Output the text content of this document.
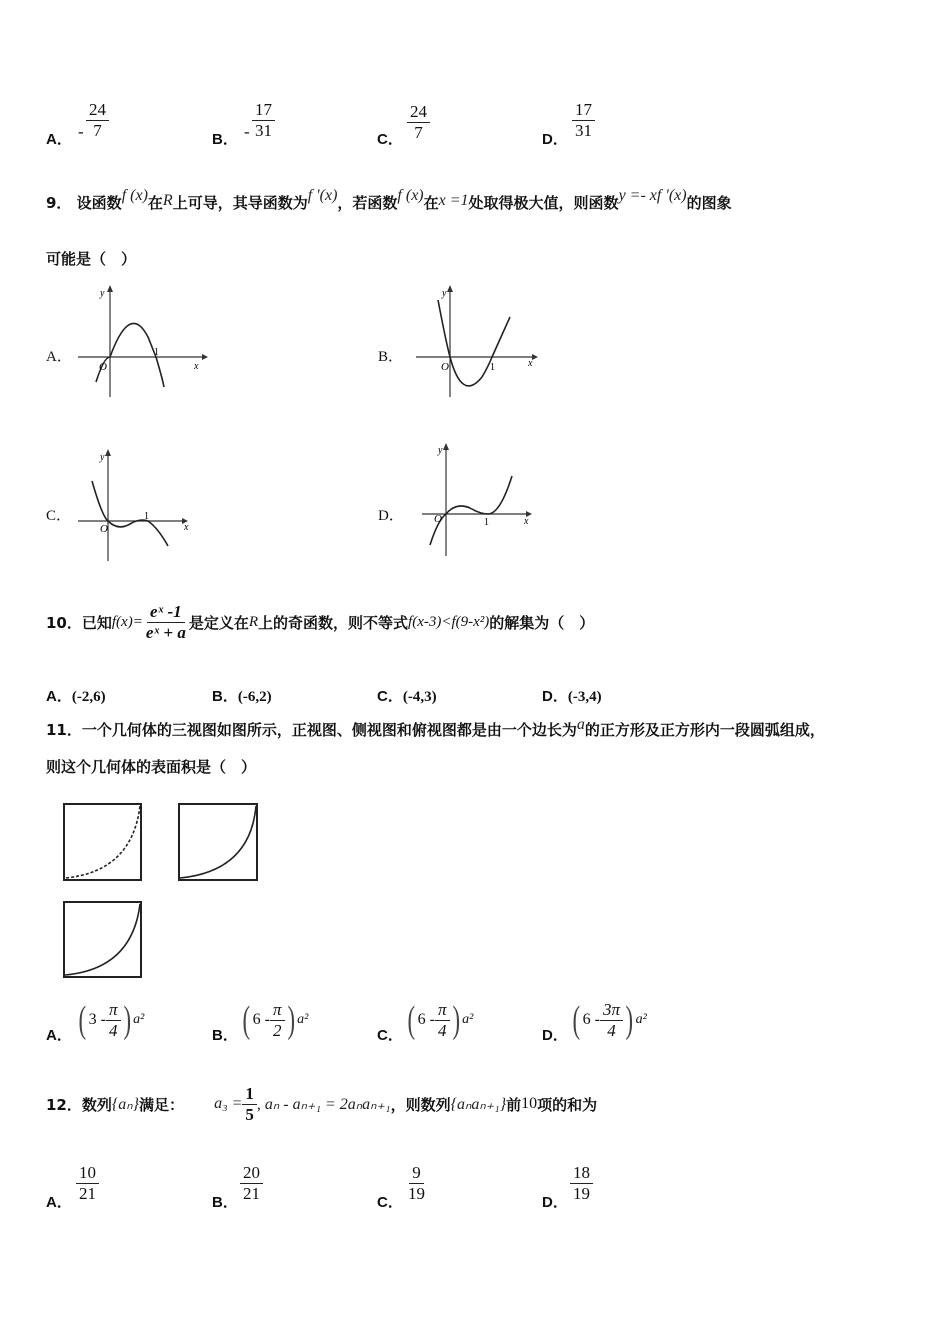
A． - $\frac{24}{7}$	B． - $\frac{17}{31}$	C． $\frac{24}{7}$	D． $\frac{17}{31}$
9． 设函数f (x)在R上可导，其导函数为f ′(x)，若函数f (x)在x =1处取得极大值，则函数y =- xf ′(x)的图象
可能是（　）
A．	B．
C．	D．
y
x
O
1
y
x
O	1
y
x
O
1
y
x
O	1
10．已知 $f(x)= \frac{\text{eˣ -1}}{\text{eˣ + a}}$ 是定义在 R 上的奇函数，则不等式 f(x-3)<f(9-x²) 的解集为（　）
A．(-2,6)	B．(-6,2)	C．(-4,3)	D．(-3,4)
11．一个几何体的三视图如图所示，正视图、侧视图和俯视图都是由一个边长为a的正方形及正方形内一段圆弧组成，
则这个几何体的表面积是（　）
A． ( $3 - \frac{\pi}{4}$ ) a²
B． ( $6 - \frac{\pi}{2}$ ) a²
C． ( $6 - \frac{\pi}{4}$ ) a²
D． ( $6 - \frac{3\pi}{4}$ ) a²
12．数列 {aₙ} 满足： $a_3 = \frac{1}{5}$ , aₙ - aₙ₊₁ = 2aₙaₙ₊₁ ，则数列 {aₙaₙ₊₁} 前 10 项的和为
A． $\frac{10}{21}$	B． $\frac{20}{21}$	C． $\frac{9}{19}$	D． $\frac{18}{19}$
